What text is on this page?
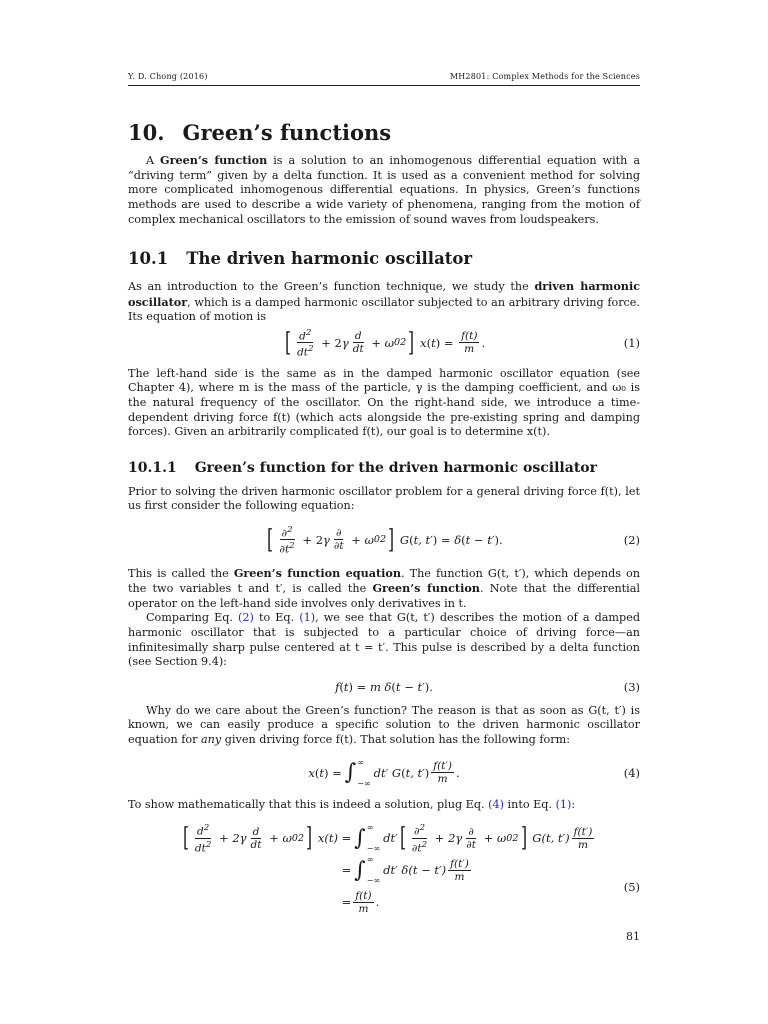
Y. D. Chong (2016)	MH2801: Complex Methods for the Sciences
10. Green’s functions

A Green’s function is a solution to an inhomogenous differential equation with a “driving term” given by a delta function. It is used as a convenient method for solving more complicated inhomogenous differential equations. In physics, Green’s functions methods are used to describe a wide variety of phenomena, ranging from the motion of complex mechanical oscillators to the emission of sound waves from loudspeakers.

10.1 The driven harmonic oscillator

As an introduction to the Green’s function technique, we study the driven harmonic oscillator, which is a damped harmonic oscillator subjected to an arbitrary driving force. Its equation of motion is

[ $\frac{d^2}{dt^2} + 2$ γ $\frac{d}{dt} + \omega$ 0 2 ] x ( t ) = $\frac{f(t)}{m}$ .	(1)

The left-hand side is the same as in the damped harmonic oscillator equation (see Chapter 4), where m is the mass of the particle, γ is the damping coefficient, and ω₀ is the natural frequency of the oscillator. On the right-hand side, we introduce a time-dependent driving force f(t) (which acts alongside the pre-existing spring and damping forces). Given an arbitrarily complicated f(t), our goal is to determine x(t).

10.1.1 Green’s function for the driven harmonic oscillator

Prior to solving the driven harmonic oscillator problem for a general driving force f(t), let us first consider the following equation:

[ $\frac{\partial^2}{\partial t^2} + 2$ γ $\frac{\partial}{\partial t} + \omega$ 0 2 ] G ( t, t′ ) = δ ( t − t′ ).	(2)

This is called the Green’s function equation. The function G(t, t′), which depends on the two variables t and t′, is called the Green’s function. Note that the differential operator on the left-hand side involves only derivatives in t.

Comparing Eq. (2) to Eq. (1), we see that G(t, t′) describes the motion of a damped harmonic oscillator that is subjected to a particular choice of driving force—an infinitesimally sharp pulse centered at t = t′. This pulse is described by a delta function (see Section 9.4):

f ( t ) = m δ ( t − t′ ).	(3)

Why do we care about the Green’s function? The reason is that as soon as G(t, t′) is known, we can easily produce a specific solution to the driven harmonic oscillator equation for any given driving force f(t). That solution has the following form:

x ( t ) = ∫ ∞
−∞
dt′ G ( t, t′ ) $\frac{f(t')}{m}$ .	(4)

To show mathematically that this is indeed a solution, plug Eq. (4) into Eq. (1):

[ $\frac{d^2}{dt^2} + 2$ γ $\frac{d}{dt} + \omega$ 0 2 ] x ( t ) = ∫ ∞
−∞
dt′ [ $\frac{\partial^2}{\partial t^2} + 2$ γ $\frac{\partial}{\partial t} + \omega$ 0 2 ] G ( t, t′ ) $\frac{f(t')}{m}$
= ∫ ∞
−∞
dt′ δ ( t − t′ ) $\frac{f(t')}{m}$
= $\frac{f(t)}{m}$ .
(5)
81
